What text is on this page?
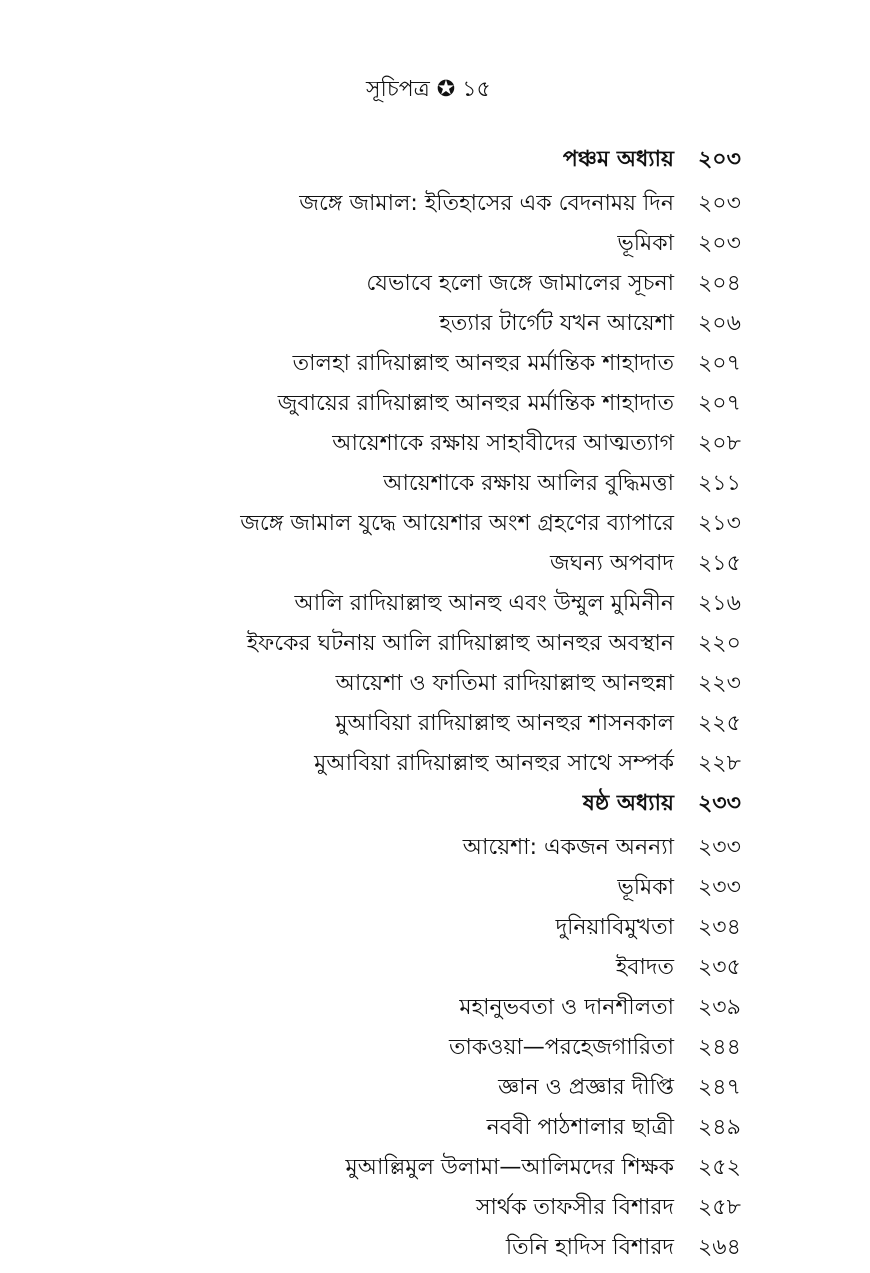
সূচিপত্র ✪ ১৫
পঞ্চম অধ্যায় ২০৩
জঙ্গে জামাল: ইতিহাসের এক বেদনাময় দিন ২০৩
ভূমিকা ২০৩
যেভাবে হলো জঙ্গে জামালের সূচনা ২০৪
হত্যার টার্গেট যখন আয়েশা ২০৬
তালহা রাদিয়াল্লাহু আনহুর মর্মান্তিক শাহাদাত ২০৭
জুবায়ের রাদিয়াল্লাহু আনহুর মর্মান্তিক শাহাদাত ২০৭
আয়েশাকে রক্ষায় সাহাবীদের আত্মত্যাগ ২০৮
আয়েশাকে রক্ষায় আলির বুদ্ধিমত্তা ২১১
জঙ্গে জামাল যুদ্ধে আয়েশার অংশ গ্রহণের ব্যাপারে ২১৩
জঘন্য অপবাদ ২১৫
আলি রাদিয়াল্লাহু আনহু এবং উম্মুল মুমিনীন ২১৬
ইফকের ঘটনায় আলি রাদিয়াল্লাহু আনহুর অবস্থান ২২০
আয়েশা ও ফাতিমা রাদিয়াল্লাহু আনহুন্না ২২৩
মুআবিয়া রাদিয়াল্লাহু আনহুর শাসনকাল ২২৫
মুআবিয়া রাদিয়াল্লাহু আনহুর সাথে সম্পর্ক ২২৮
ষষ্ঠ অধ্যায় ২৩৩
আয়েশা: একজন অনন্যা ২৩৩
ভূমিকা ২৩৩
দুনিয়াবিমুখতা ২৩৪
ইবাদত ২৩৫
মহানুভবতা ও দানশীলতা ২৩৯
তাকওয়া—পরহেজগারিতা ২৪৪
জ্ঞান ও প্রজ্ঞার দীপ্তি ২৪৭
নববী পাঠশালার ছাত্রী ২৪৯
মুআল্লিমুল উলামা—আলিমদের শিক্ষক ২৫২
সার্থক তাফসীর বিশারদ ২৫৮
তিনি হাদিস বিশারদ ২৬৪
